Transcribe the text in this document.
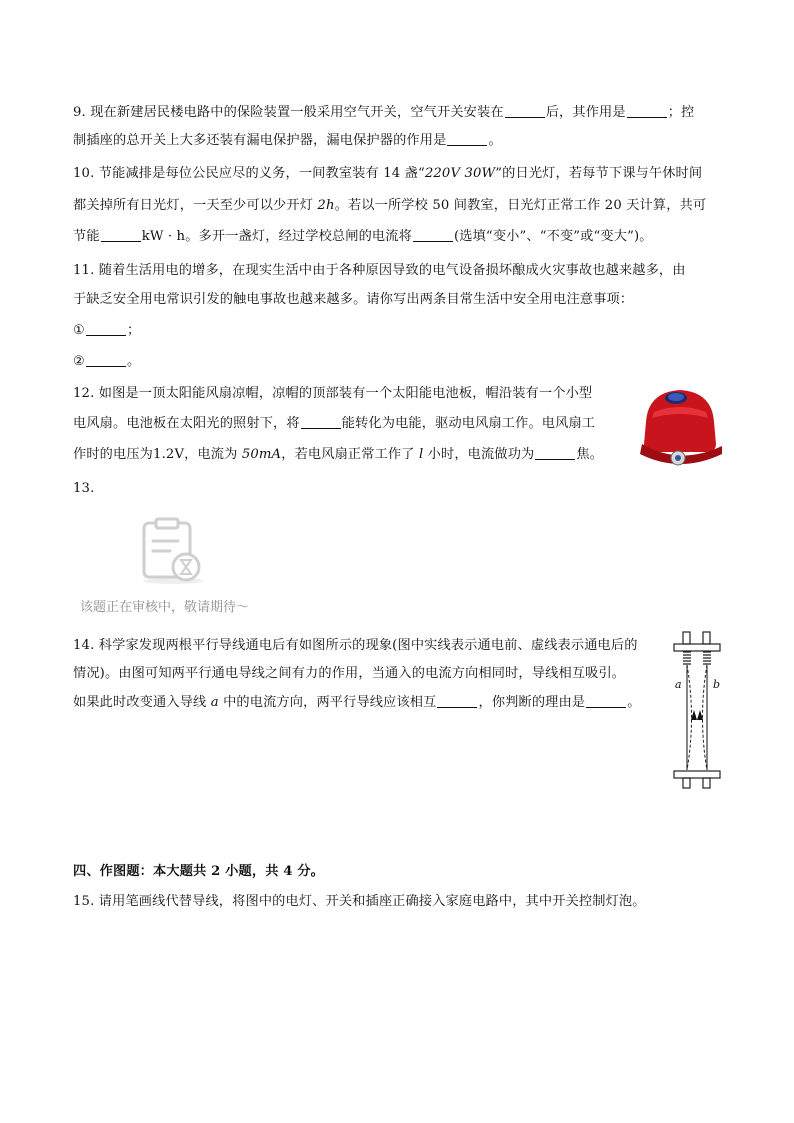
9. 现在新建居民楼电路中的保险装置一般采用空气开关，空气开关安装在	后，其作用是	；控
制插座的总开关上大多还装有漏电保护器，漏电保护器的作用是	。
10. 节能减排是每位公民应尽的义务，一间教室装有 14 盏“220V 30W”的日光灯，若每节下课与午休时间
都关掉所有日光灯，一天至少可以少开灯 2h。若以一所学校 50 间教室，日光灯正常工作 20 天计算，共可
节能	kW · h。多开一盏灯，经过学校总闸的电流将	(选填“变小”、“不变”或“变大”)。
11. 随着生活用电的增多，在现实生活中由于各种原因导致的电气设备损坏酿成火灾事故也越来越多，由
于缺乏安全用电常识引发的触电事故也越来越多。请你写出两条目常生活中安全用电注意事项：
①	；
②	。
12. 如图是一顶太阳能风扇凉帽，凉帽的顶部装有一个太阳能电池板，帽沿装有一个小型
电风扇。电池板在太阳光的照射下，将	能转化为电能，驱动电风扇工作。电风扇工
作时的电压为1.2V，电流为 50mA，若电风扇正常工作了 l 小时，电流做功为	焦。
13.
该题正在审核中，敬请期待～
14. 科学家发现两根平行导线通电后有如图所示的现象(图中实线表示通电前、虚线表示通电后的
情况)。由图可知两平行通电导线之间有力的作用，当通入的电流方向相同时，导线相互吸引。
如果此时改变通入导线 a 中的电流方向，两平行导线应该相互	，你判断的理由是	。
a	b
四、作图题：本大题共 2 小题，共 4 分。
15. 请用笔画线代替导线，将图中的电灯、开关和插座正确接入家庭电路中，其中开关控制灯泡。
